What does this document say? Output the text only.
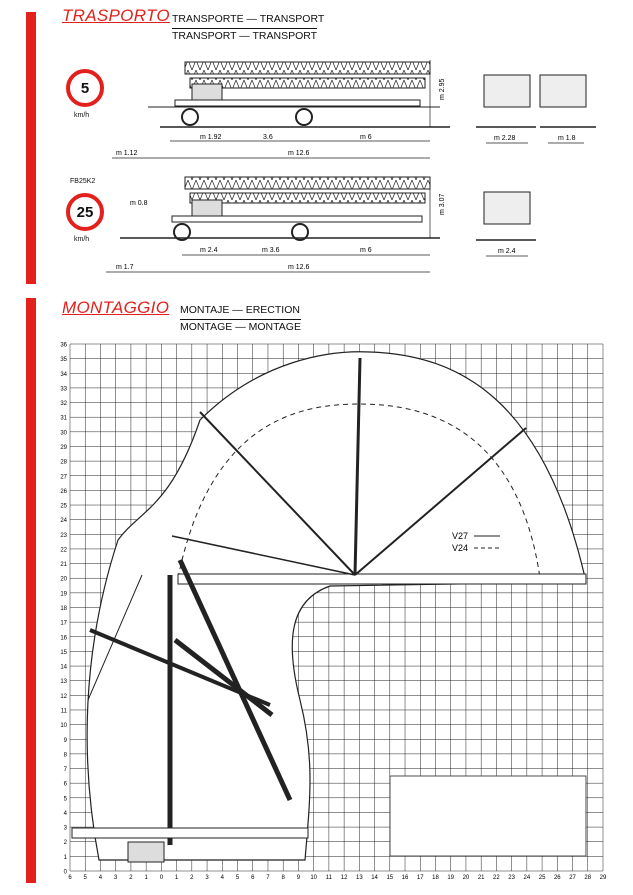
TRASPORTO TRANSPORTE — TRANSPORT
TRANSPORT — TRANSPORT
5
km/h
FB25K2
25
km/h
m 2.95
m 1.92	3.6	m 6
m 1.12	m 12.6
m 2.28	m 1.8
m 0.8	m 3.07
m 2.4	m 3.6	m 6
m 1.7	m 12.6
m 2.4
MONTAGGIO MONTAJE — ERECTION
MONTAGE — MONTAGE
0
1
2
3
4
5
6
7
8
9
10
11
12
13
14
15
16
17
18
19
20
21
22
23
24
25
26
27
28
29
30
31
32
33
34
35
36
6 5 4 3 2 1 0 1 2 3 4 5 6 7 8 9 10 11 12 13 14 15 16 17 18 19 20 21 22 23 24 25 26 27 28 29
V27
V24
